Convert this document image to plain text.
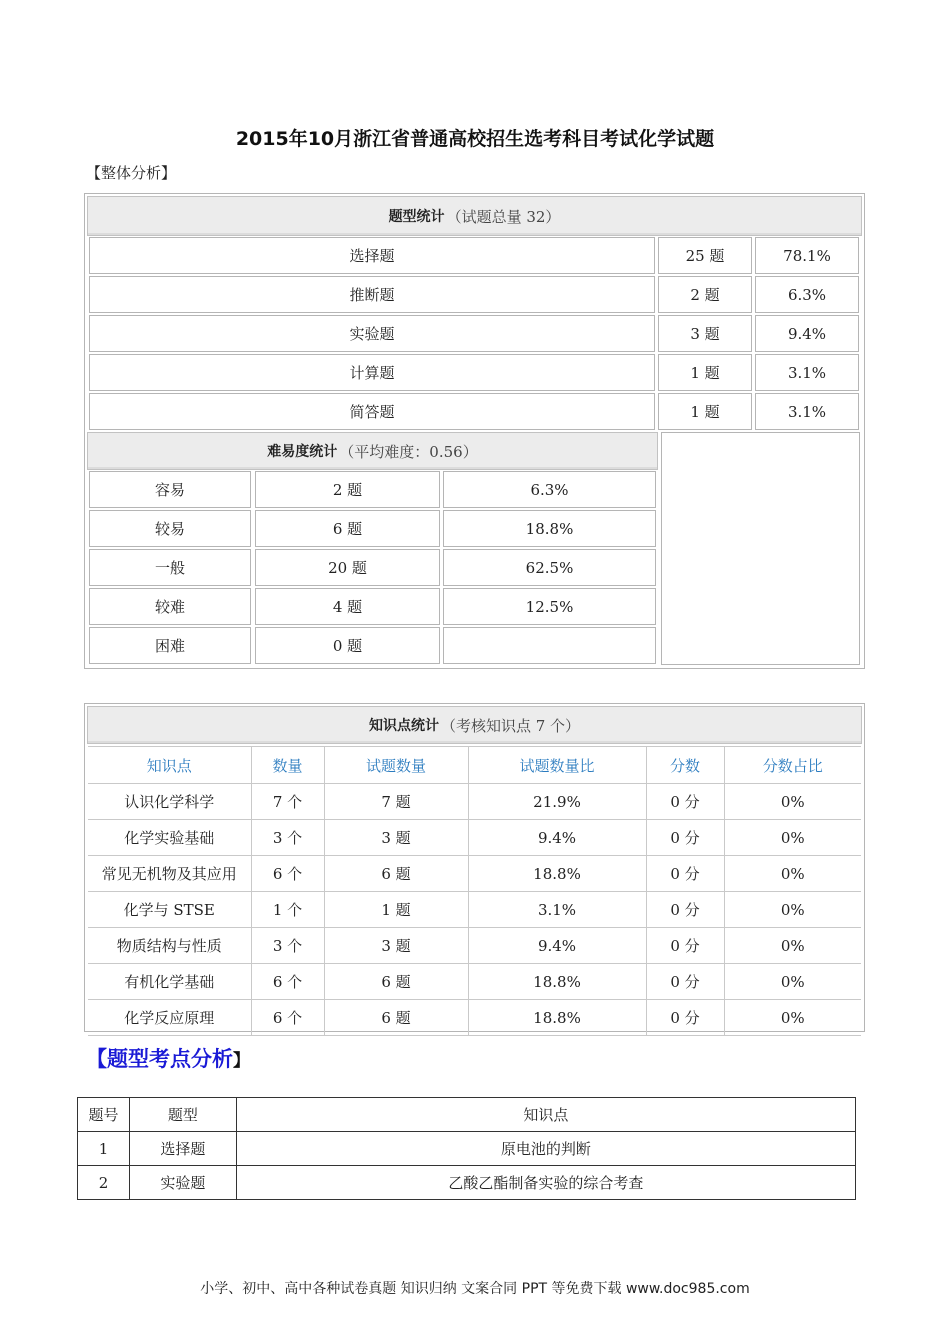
2015年10月浙江省普通高校招生选考科目考试化学试题
【整体分析】
题型统计 （试题总量 32）
选择题	25 题	78.1%
推断题	2 题	6.3%
实验题	3 题	9.4%
计算题	1 题	3.1%
简答题	1 题	3.1%
难易度统计 （平均难度：0.56）
容易	2 题	6.3%
较易	6 题	18.8%
一般	20 题	62.5%
较难	4 题	12.5%
困难	0 题
知识点统计 （考核知识点 7 个）
知识点	数量	试题数量	试题数量比	分数	分数占比
认识化学科学	7 个	7 题	21.9%	0 分	0%
化学实验基础	3 个	3 题	9.4%	0 分	0%
常见无机物及其应用	6 个	6 题	18.8%	0 分	0%
化学与 STSE	1 个	1 题	3.1%	0 分	0%
物质结构与性质	3 个	3 题	9.4%	0 分	0%
有机化学基础	6 个	6 题	18.8%	0 分	0%
化学反应原理	6 个	6 题	18.8%	0 分	0%
【题型考点分析】
题号	题型	知识点
1	选择题	原电池的判断
2	实验题	乙酸乙酯制备实验的综合考查
小学、初中、高中各种试卷真题 知识归纳 文案合同 PPT 等免费下载 www.doc985.com
